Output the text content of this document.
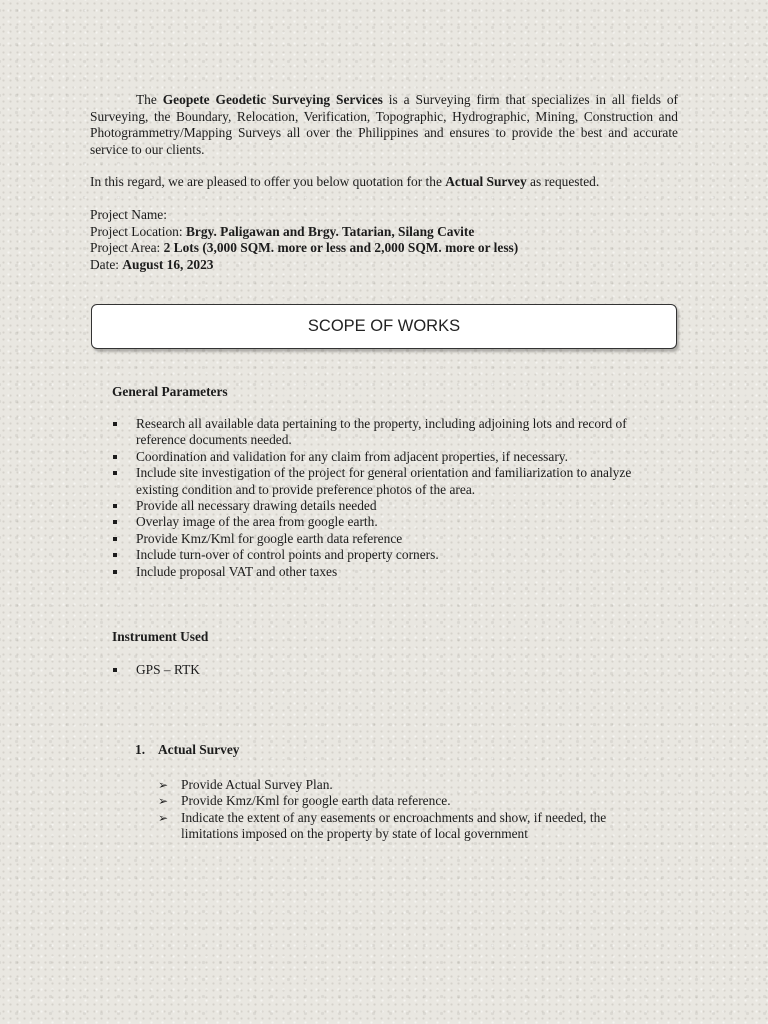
The Geopete Geodetic Surveying Services is a Surveying firm that specializes in all fields of Surveying, the Boundary, Relocation, Verification, Topographic, Hydrographic, Mining, Construction and Photogrammetry/Mapping Surveys all over the Philippines and ensures to provide the best and accurate service to our clients.

In this regard, we are pleased to offer you below quotation for the Actual Survey as requested.

Project Name:
Project Location: Brgy. Paligawan and Brgy. Tatarian, Silang Cavite
Project Area: 2 Lots (3,000 SQM. more or less and 2,000 SQM. more or less)
Date: August 16, 2023
SCOPE OF WORKS
General Parameters
Research all available data pertaining to the property, including adjoining lots and record of reference documents needed.
Coordination and validation for any claim from adjacent properties, if necessary.
Include site investigation of the project for general orientation and familiarization to analyze existing condition and to provide preference photos of the area.
Provide all necessary drawing details needed
Overlay image of the area from google earth.
Provide Kmz/Kml for google earth data reference
Include turn-over of control points and property corners.
Include proposal VAT and other taxes
Instrument Used
GPS – RTK
1. Actual Survey
➢ Provide Actual Survey Plan.
➢ Provide Kmz/Kml for google earth data reference.
➢ Indicate the extent of any easements or encroachments and show, if needed, the limitations imposed on the property by state of local government
